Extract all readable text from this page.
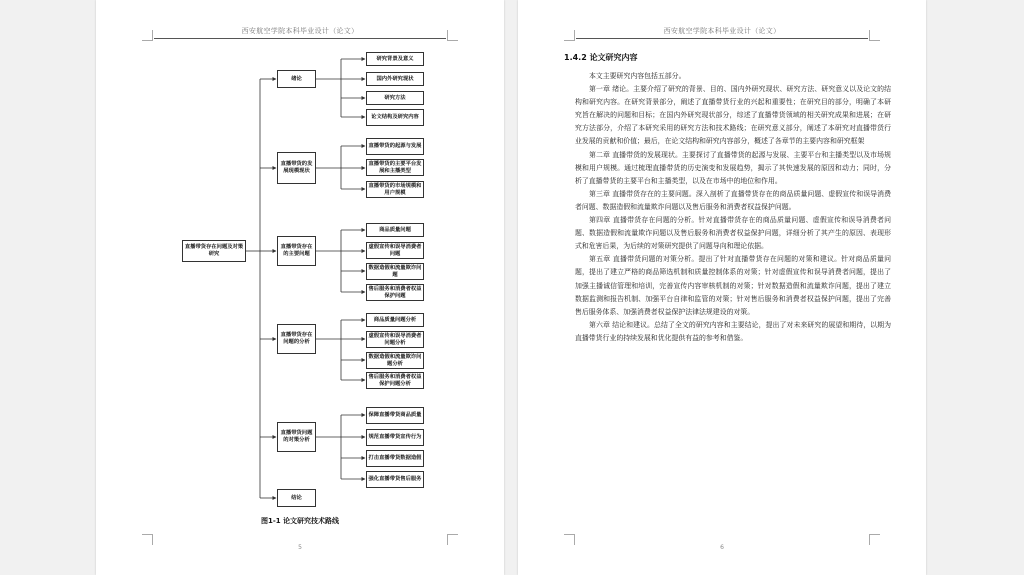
西安航空学院本科毕业设计（论文）
直播带货存在问题及对策研究
绪论
直播带货的发展现模现状
直播带货存在的主要问题
直播带货存在问题的分析
直播带货问题的对策分析
结论
研究背景及意义
国内外研究现状
研究方法
论文结构及研究内容
直播带货的起源与发展
直播带货的主要平台发展和主播类型
直播带货的市场规模和用户规模
商品质量问题
虚假宣传和误导消费者问题
数据造假和流量欺诈问题
售后服务和消费者权益保护问题
商品质量问题分析
虚假宣传和误导消费者问题分析
数据造假和流量欺诈问题分析
售后服务和消费者权益保护问题分析
保障直播带货商品质量
规范直播带货宣传行为
打击直播带货数据造假
强化直播带货售后服务
图1-1 论文研究技术路线
5
西安航空学院本科毕业设计（论文）
1.4.2 论文研究内容

本文主要研究内容包括五部分。

第一章 绪论。主要介绍了研究的背景、目的、国内外研究现状、研究方法、研究意义以及论文的结构和研究内容。在研究背景部分，阐述了直播带货行业的兴起和重要性；在研究目的部分，明确了本研究旨在解决的问题和目标；在国内外研究现状部分，综述了直播带货领域的相关研究成果和进展；在研究方法部分，介绍了本研究采用的研究方法和技术路线；在研究意义部分，阐述了本研究对直播带货行业发展的贡献和价值；最后，在论文结构和研究内容部分，概述了各章节的主要内容和研究框架

第二章 直播带货的发展现状。主要探讨了直播带货的起源与发展、主要平台和主播类型以及市场规模和用户规模。通过梳理直播带货的历史演变和发展趋势，揭示了其快速发展的原因和动力；同时，分析了直播带货的主要平台和主播类型，以及在市场中的地位和作用。

第三章 直播带货存在的主要问题。深入剖析了直播带货存在的商品质量问题、虚假宣传和误导消费者问题、数据造假和流量欺诈问题以及售后服务和消费者权益保护问题。

第四章 直播带货存在问题的分析。针对直播带货存在的商品质量问题、虚假宣传和误导消费者问题、数据造假和流量欺诈问题以及售后服务和消费者权益保护问题，详细分析了其产生的原因、表现形式和危害后果，为后续的对策研究提供了问题导向和理论依据。

第五章 直播带货问题的对策分析。提出了针对直播带货存在问题的对策和建议。针对商品质量问题，提出了建立严格的商品筛选机制和质量控制体系的对策；针对虚假宣传和误导消费者问题，提出了加强主播诚信管理和培训，完善宣传内容审核机制的对策；针对数据造假和流量欺诈问题，提出了建立数据监测和报告机制、加强平台自律和监管的对策；针对售后服务和消费者权益保护问题，提出了完善售后服务体系、加强消费者权益保护法律法规建设的对策。

第六章 结论和建议。总结了全文的研究内容和主要结论，提出了对未来研究的展望和期待，以期为直播带货行业的持续发展和优化提供有益的参考和借鉴。

6
